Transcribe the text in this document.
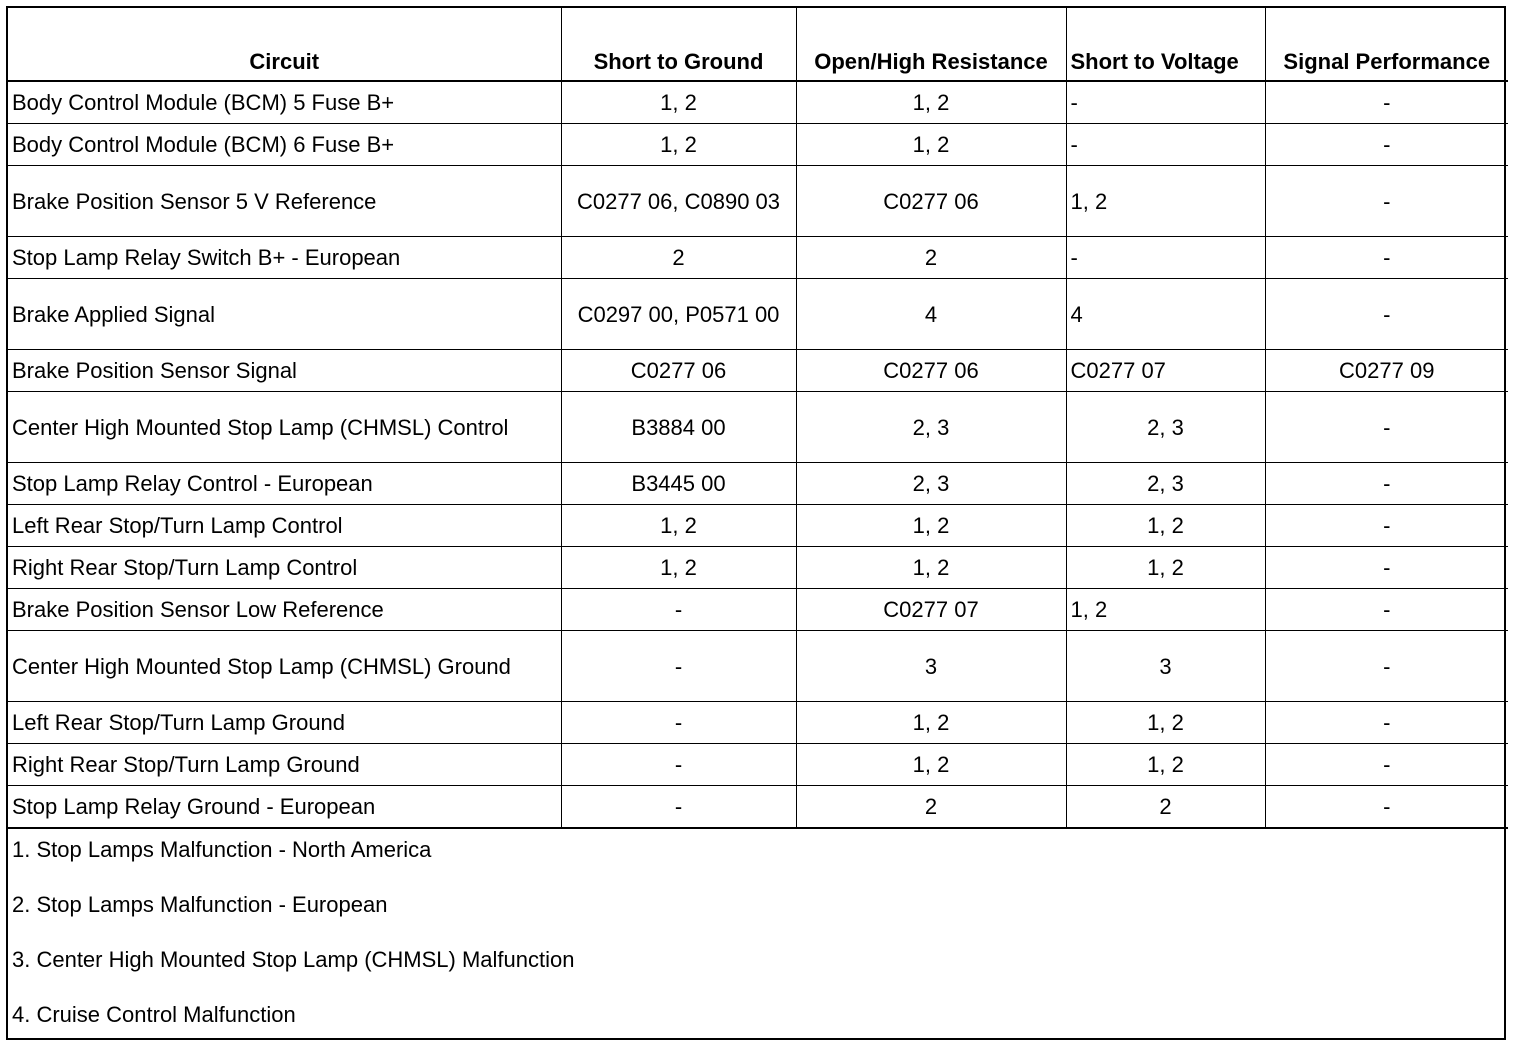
Circuit	Short to Ground	Open/High Resistance	Short to Voltage	Signal Performance
Body Control Module (BCM) 5 Fuse B+	1, 2	1, 2	-	-
Body Control Module (BCM) 6 Fuse B+	1, 2	1, 2	-	-
Brake Position Sensor 5 V Reference	C0277 06, C0890 03	C0277 06	1, 2	-
Stop Lamp Relay Switch B+ - European	2	2	-	-
Brake Applied Signal	C0297 00, P0571 00	4	4	-
Brake Position Sensor Signal	C0277 06	C0277 06	C0277 07	C0277 09
Center High Mounted Stop Lamp (CHMSL) Control	B3884 00	2, 3	2, 3	-
Stop Lamp Relay Control - European	B3445 00	2, 3	2, 3	-
Left Rear Stop/Turn Lamp Control	1, 2	1, 2	1, 2	-
Right Rear Stop/Turn Lamp Control	1, 2	1, 2	1, 2	-
Brake Position Sensor Low Reference	-	C0277 07	1, 2	-
Center High Mounted Stop Lamp (CHMSL) Ground	-	3	3	-
Left Rear Stop/Turn Lamp Ground	-	1, 2	1, 2	-
Right Rear Stop/Turn Lamp Ground	-	1, 2	1, 2	-
Stop Lamp Relay Ground - European	-	2	2	-
1. Stop Lamps Malfunction - North America
2. Stop Lamps Malfunction - European
3. Center High Mounted Stop Lamp (CHMSL) Malfunction
4. Cruise Control Malfunction
